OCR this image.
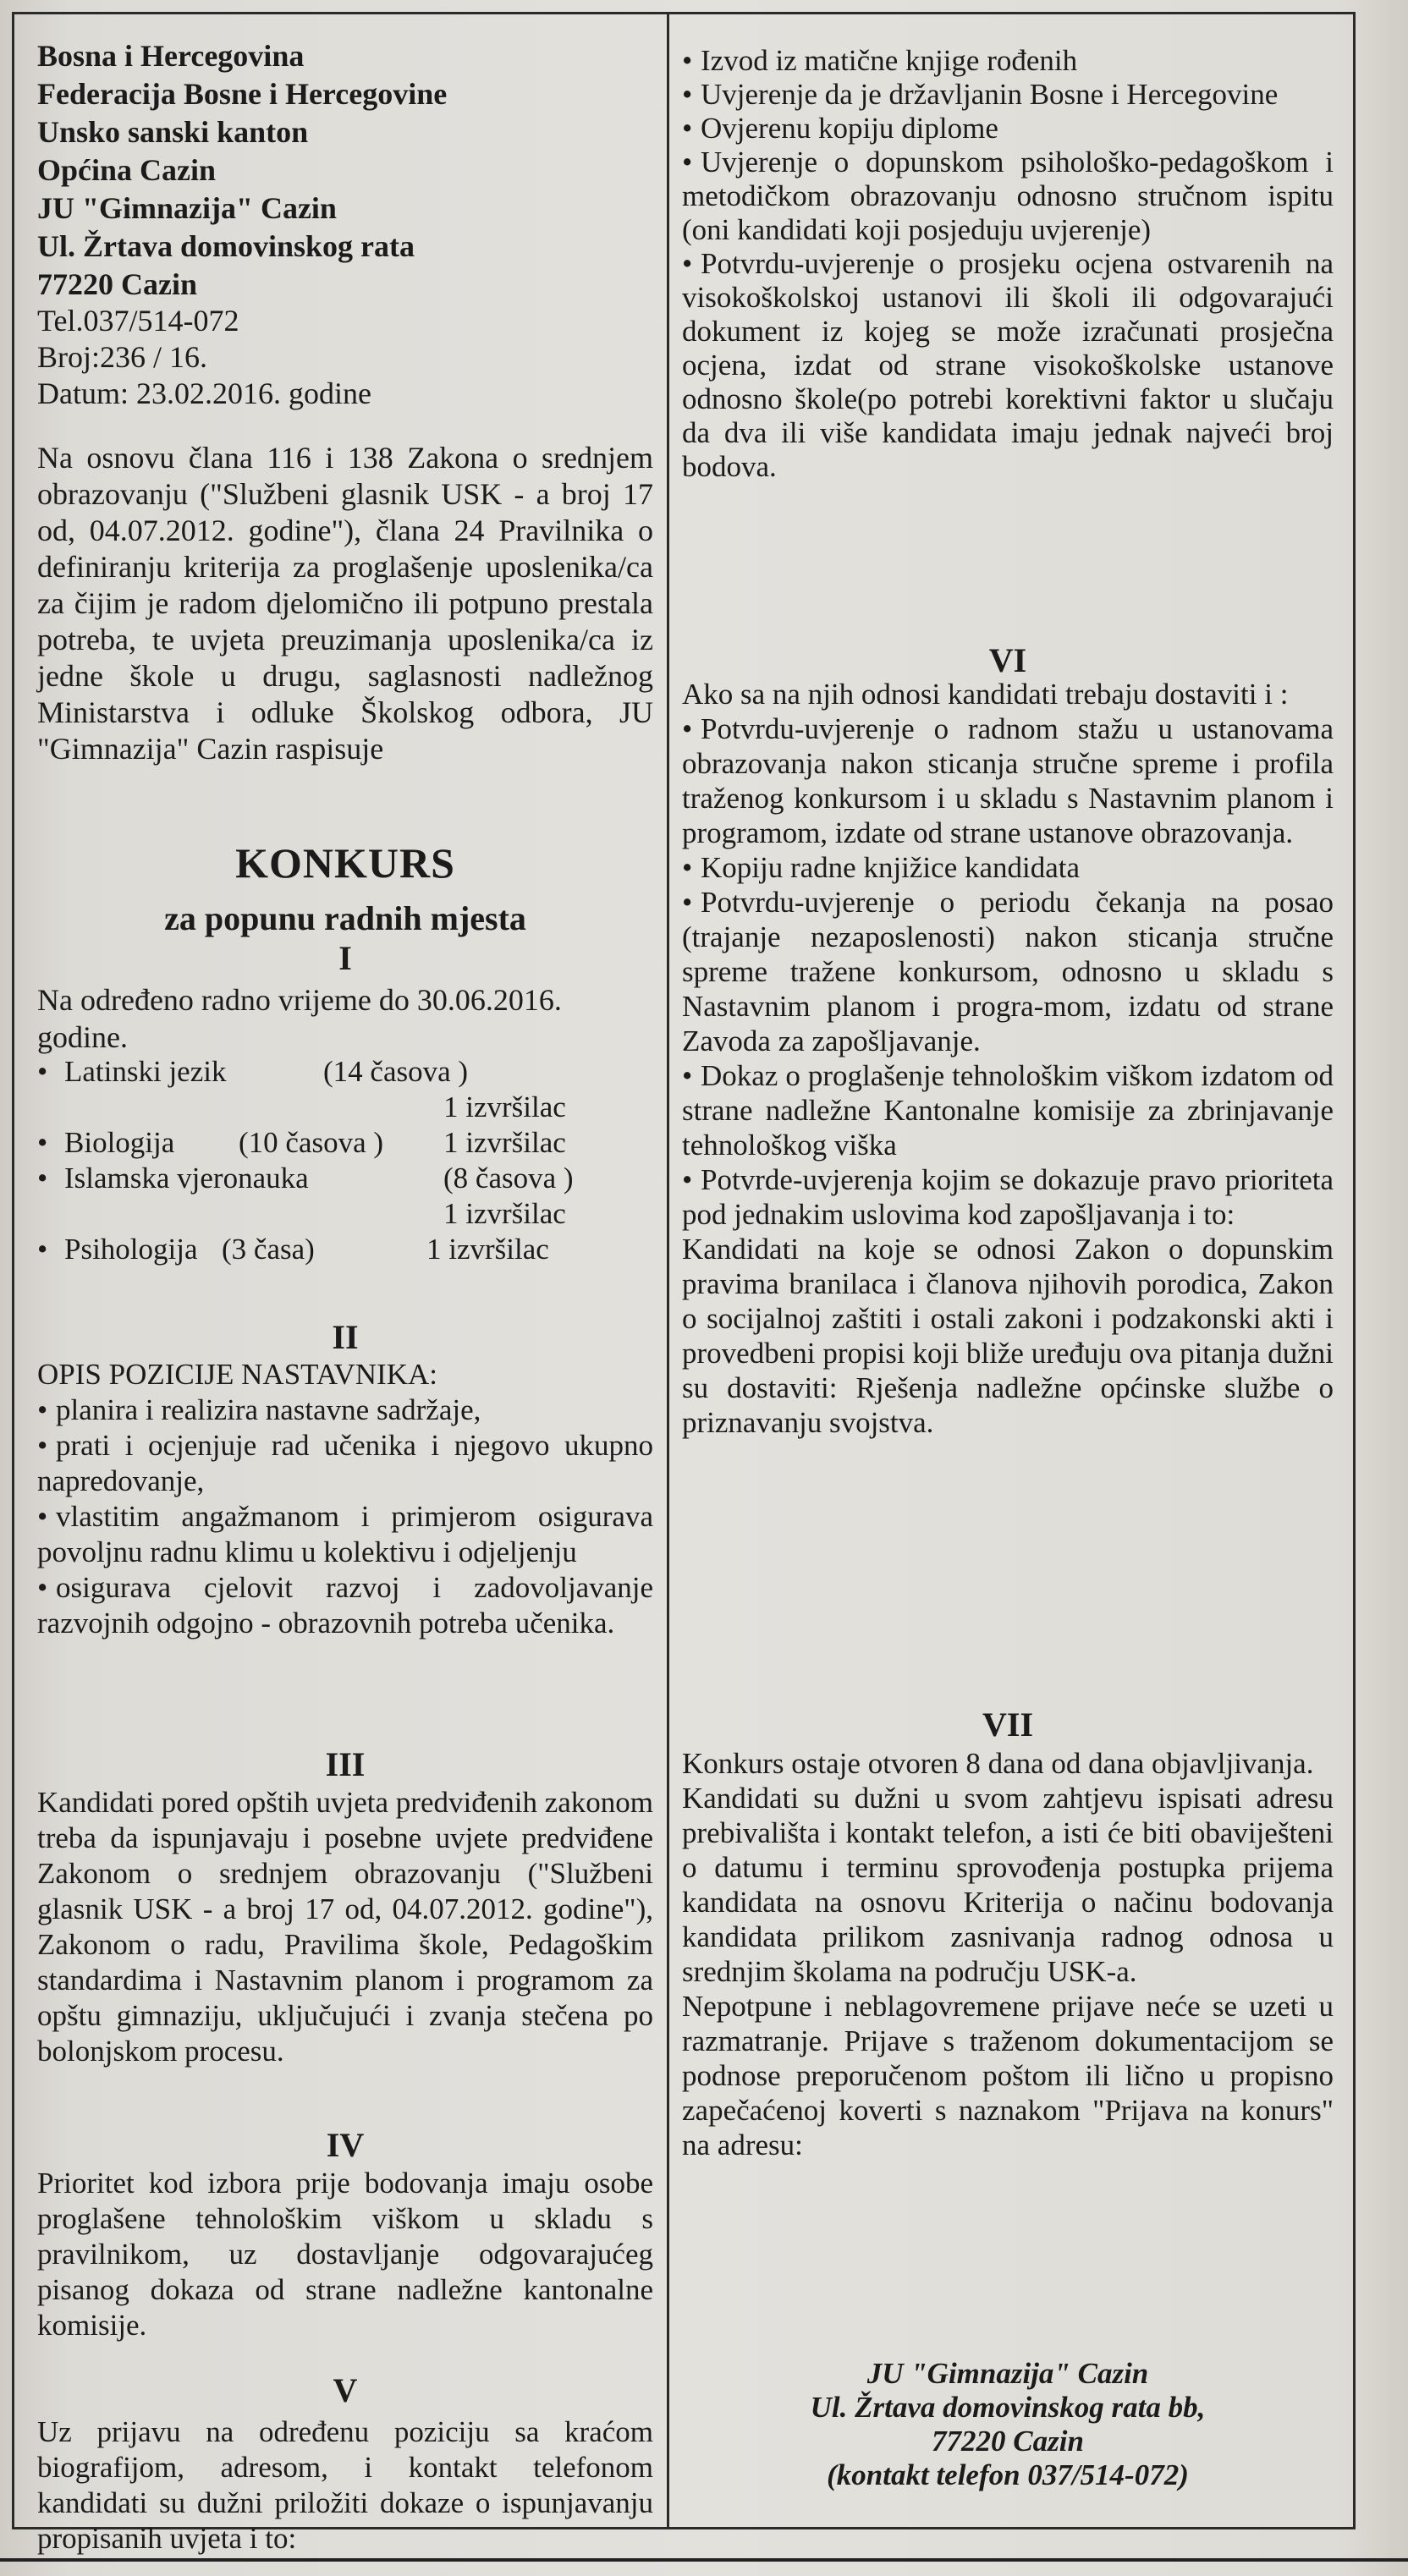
Bosna i Hercegovina
Federacija Bosne i Hercegovine
Unsko sanski kanton
Općina Cazin
JU "Gimnazija" Cazin
Ul. Žrtava domovinskog rata
77220 Cazin
Tel.037/514-072
Broj:236 / 16.
Datum: 23.02.2016. godine

Na osnovu člana 116 i 138 Zakona o srednjem obrazovanju ("Službeni glasnik USK - a broj 17 od, 04.07.2012. godine"), člana 24 Pravilnika o definiranju kriterija za proglašenje uposlenika/ca za čijim je radom djelomično ili potpuno prestala potreba, te uvjeta preuzimanja uposlenika/ca iz jedne škole u drugu, saglasnosti nadležnog Ministarstva i odluke Školskog odbora, JU "Gimnazija" Cazin raspisuje

KONKURS
za popunu radnih mjesta
I

Na određeno radno vrijeme do 30.06.2016. godine.

• Latinski jezik	(14 časova )
1 izvršilac
• Biologija (10 časova ) 1 izvršilac
• Islamska vjeronauka	(8 časova )
1 izvršilac
• Psihologija (3 časa)	1 izvršilac
II
OPIS POZICIJE NASTAVNIKA:
• planira i realizira nastavne sadržaje,
• prati i ocjenjuje rad učenika i njegovo ukupno napredovanje,
• vlastitim angažmanom i primjerom osigurava povoljnu radnu klimu u kolektivu i odjeljenju
• osigurava cjelovit razvoj i zadovoljavanje razvojnih odgojno - obrazovnih potreba učenika.
III

Kandidati pored opštih uvjeta predviđenih zakonom treba da ispunjavaju i posebne uvjete predviđene Zakonom o srednjem obrazovanju ("Službeni glasnik USK - a broj 17 od, 04.07.2012. godine"), Zakonom o radu, Pravilima škole, Pedagoškim standardima i Nastavnim planom i programom za opštu gimnaziju, uključujući i zvanja stečena po bolonjskom procesu.

IV

Prioritet kod izbora prije bodovanja imaju osobe proglašene tehnološkim viškom u skladu s pravilnikom, uz dostavljanje odgovarajućeg pisanog dokaza od strane nadležne kantonalne komisije.

V

Uz prijavu na određenu poziciju sa kraćom biografijom, adresom, i kontakt telefonom kandidati su dužni priložiti dokaze o ispunjavanju propisanih uvjeta i to:

• Izvod iz matične knjige rođenih
• Uvjerenje da je državljanin Bosne i Hercegovine
• Ovjerenu kopiju diplome
• Uvjerenje o dopunskom psihološko-pedagoškom i metodičkom obrazovanju odnosno stručnom ispitu (oni kandidati koji posjeduju uvjerenje)
• Potvrdu-uvjerenje o prosjeku ocjena ostvarenih na visokoškolskoj ustanovi ili školi ili odgovarajući dokument iz kojeg se može izračunati prosječna ocjena, izdat od strane visokoškolske ustanove odnosno škole(po potrebi korektivni faktor u slučaju da dva ili više kandidata imaju jednak najveći broj bodova.
VI
Ako sa na njih odnosi kandidati trebaju dostaviti i :
• Potvrdu-uvjerenje o radnom stažu u ustanovama obrazovanja nakon sticanja stručne spreme i profila traženog konkursom i u skladu s Nastavnim planom i programom, izdate od strane ustanove obrazovanja.
• Kopiju radne knjižice kandidata
• Potvrdu-uvjerenje o periodu čekanja na posao (trajanje nezaposlenosti) nakon sticanja stručne spreme tražene konkursom, odnosno u skladu s Nastavnim planom i progra-mom, izdatu od strane Zavoda za zapošljavanje.
• Dokaz o proglašenje tehnološkim viškom izdatom od strane nadležne Kantonalne komisije za zbrinjavanje tehnološkog viška
• Potvrde-uvjerenja kojim se dokazuje pravo prioriteta pod jednakim uslovima kod zapošljavanja i to:
Kandidati na koje se odnosi Zakon o dopunskim pravima branilaca i članova njihovih porodica, Zakon o socijalnoj zaštiti i ostali zakoni i podzakonski akti i provedbeni propisi koji bliže uređuju ova pitanja dužni su dostaviti: Rješenja nadležne općinske službe o priznavanju svojstva.
VII

Konkurs ostaje otvoren 8 dana od dana objavljivanja.

Kandidati su dužni u svom zahtjevu ispisati adresu prebivališta i kontakt telefon, a isti će biti obaviješteni o datumu i terminu sprovođenja postupka prijema kandidata na osnovu Kriterija o načinu bodovanja kandidata prilikom zasnivanja radnog odnosa u srednjim školama na području USK-a.

Nepotpune i neblagovremene prijave neće se uzeti u razmatranje. Prijave s traženom dokumentacijom se podnose preporučenom poštom ili lično u propisno zapečaćenoj koverti s naznakom "Prijava na konurs" na adresu:

JU "Gimnazija" Cazin
Ul. Žrtava domovinskog rata bb,
77220 Cazin
(kontakt telefon 037/514-072)
